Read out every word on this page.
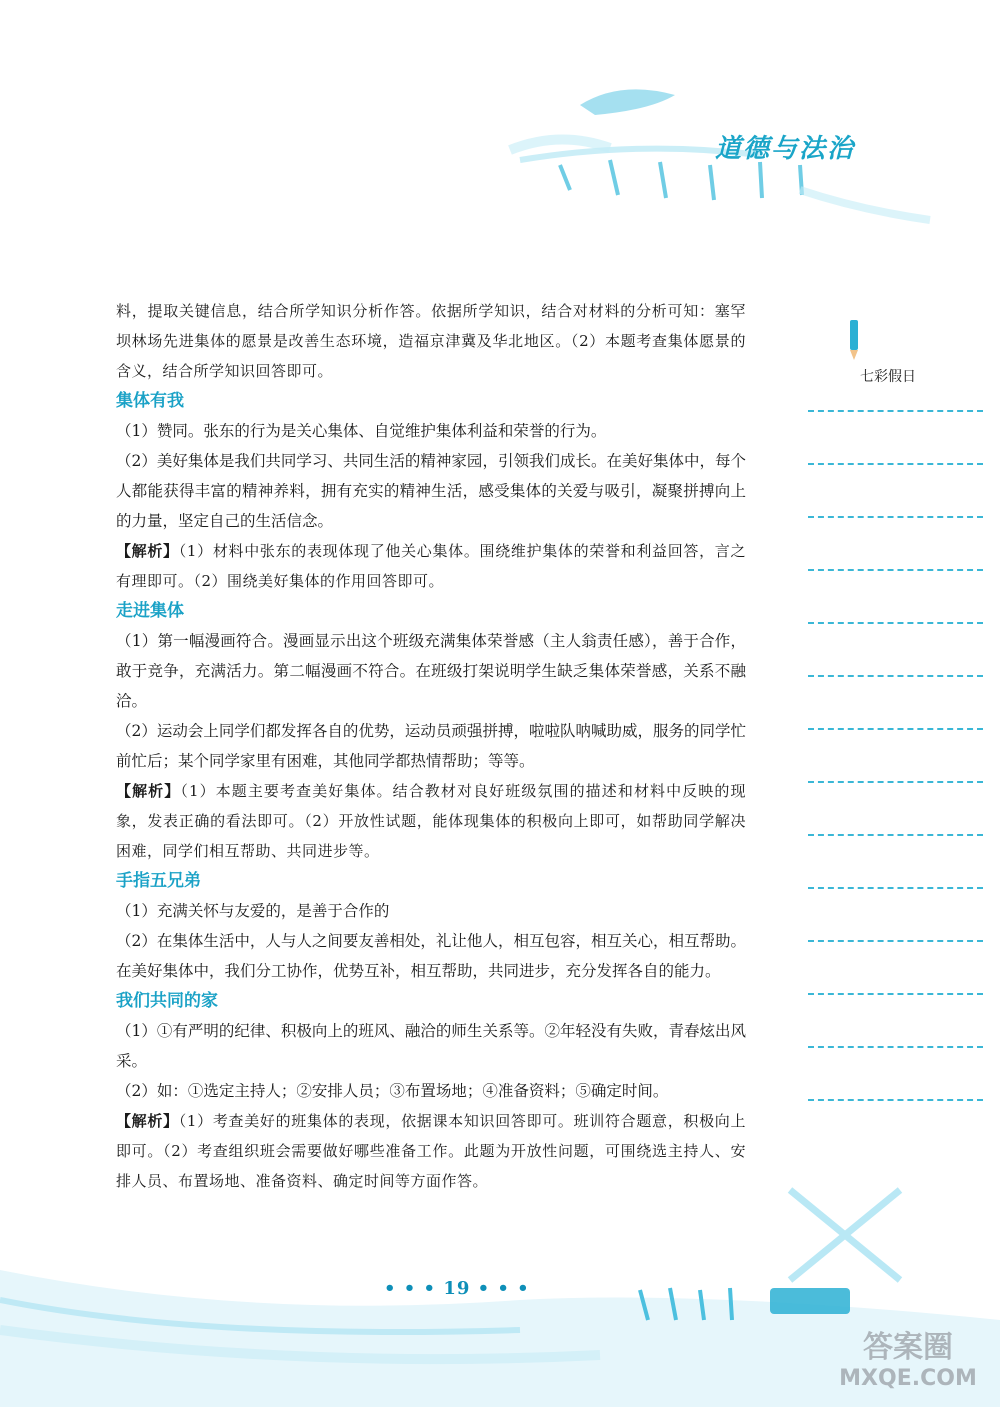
道德与法治
七彩假日

料，提取关键信息，结合所学知识分析作答。依据所学知识，结合对材料的分析可知：塞罕坝林场先进集体的愿景是改善生态环境，造福京津冀及华北地区。（2）本题考查集体愿景的含义，结合所学知识回答即可。

集体有我

（1）赞同。张东的行为是关心集体、自觉维护集体利益和荣誉的行为。

（2）美好集体是我们共同学习、共同生活的精神家园，引领我们成长。在美好集体中，每个人都能获得丰富的精神养料，拥有充实的精神生活，感受集体的关爱与吸引，凝聚拼搏向上的力量，坚定自己的生活信念。

【解析】（1）材料中张东的表现体现了他关心集体。围绕维护集体的荣誉和利益回答，言之有理即可。（2）围绕美好集体的作用回答即可。

走进集体

（1）第一幅漫画符合。漫画显示出这个班级充满集体荣誉感（主人翁责任感），善于合作，敢于竞争，充满活力。第二幅漫画不符合。在班级打架说明学生缺乏集体荣誉感，关系不融洽。

（2）运动会上同学们都发挥各自的优势，运动员顽强拼搏，啦啦队呐喊助威，服务的同学忙前忙后；某个同学家里有困难，其他同学都热情帮助；等等。

【解析】（1）本题主要考查美好集体。结合教材对良好班级氛围的描述和材料中反映的现象，发表正确的看法即可。（2）开放性试题，能体现集体的积极向上即可，如帮助同学解决困难，同学们相互帮助、共同进步等。

手指五兄弟

（1）充满关怀与友爱的，是善于合作的

（2）在集体生活中，人与人之间要友善相处，礼让他人，相互包容，相互关心，相互帮助。在美好集体中，我们分工协作，优势互补，相互帮助，共同进步，充分发挥各自的能力。

我们共同的家

（1）①有严明的纪律、积极向上的班风、融洽的师生关系等。②年轻没有失败，青春炫出风采。

（2）如：①选定主持人；②安排人员；③布置场地；④准备资料；⑤确定时间。

【解析】（1）考查美好的班集体的表现，依据课本知识回答即可。班训符合题意，积极向上即可。（2）考查组织班会需要做好哪些准备工作。此题为开放性问题，可围绕选主持人、安排人员、布置场地、准备资料、确定时间等方面作答。

• • • 19 • • •
答案圈
MXQE.COM
